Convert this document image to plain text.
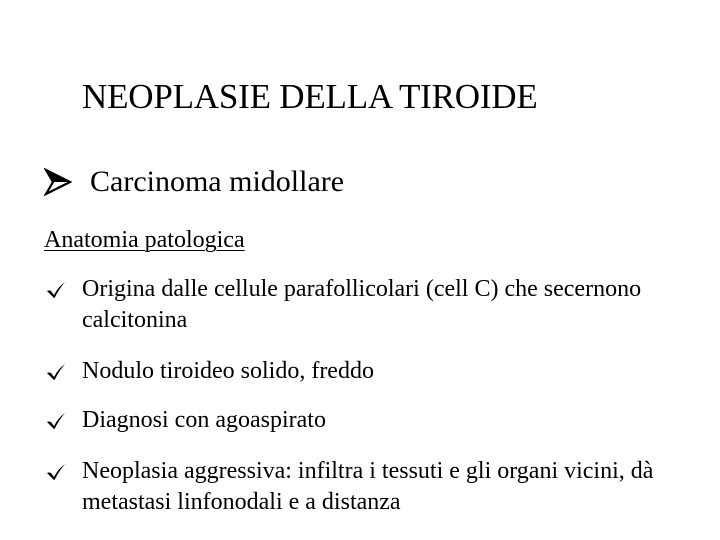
NEOPLASIE DELLA TIROIDE
Carcinoma midollare
Anatomia patologica
Origina dalle cellule parafollicolari (cell C) che secernono calcitonina
Nodulo tiroideo solido, freddo
Diagnosi con agoaspirato
Neoplasia aggressiva: infiltra i tessuti e gli organi vicini, dà metastasi linfonodali e a distanza
